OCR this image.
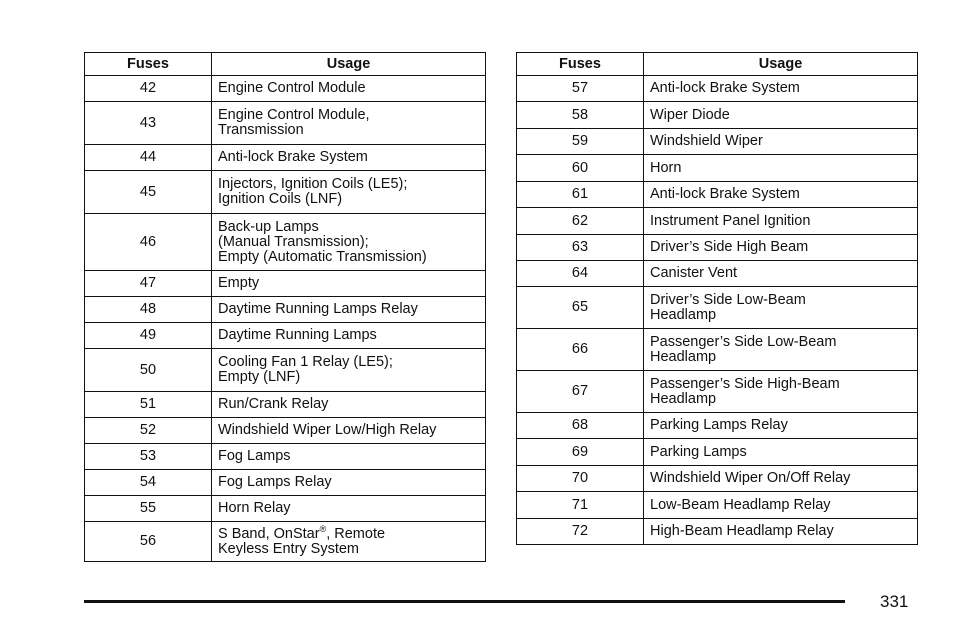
Fuses	Usage
42	Engine Control Module
43	Engine Control Module,
Transmission
44	Anti-lock Brake System
45	Injectors, Ignition Coils (LE5);
Ignition Coils (LNF)
46	Back-up Lamps
(Manual Transmission);
Empty (Automatic Transmission)
47	Empty
48	Daytime Running Lamps Relay
49	Daytime Running Lamps
50	Cooling Fan 1 Relay (LE5);
Empty (LNF)
51	Run/Crank Relay
52	Windshield Wiper Low/High Relay
53	Fog Lamps
54	Fog Lamps Relay
55	Horn Relay
56	S Band, OnStar®, Remote
Keyless Entry System
Fuses	Usage
57	Anti-lock Brake System
58	Wiper Diode
59	Windshield Wiper
60	Horn
61	Anti-lock Brake System
62	Instrument Panel Ignition
63	Driver’s Side High Beam
64	Canister Vent
65	Driver’s Side Low-Beam
Headlamp
66	Passenger’s Side Low-Beam
Headlamp
67	Passenger’s Side High-Beam
Headlamp
68	Parking Lamps Relay
69	Parking Lamps
70	Windshield Wiper On/Off Relay
71	Low-Beam Headlamp Relay
72	High-Beam Headlamp Relay
331
